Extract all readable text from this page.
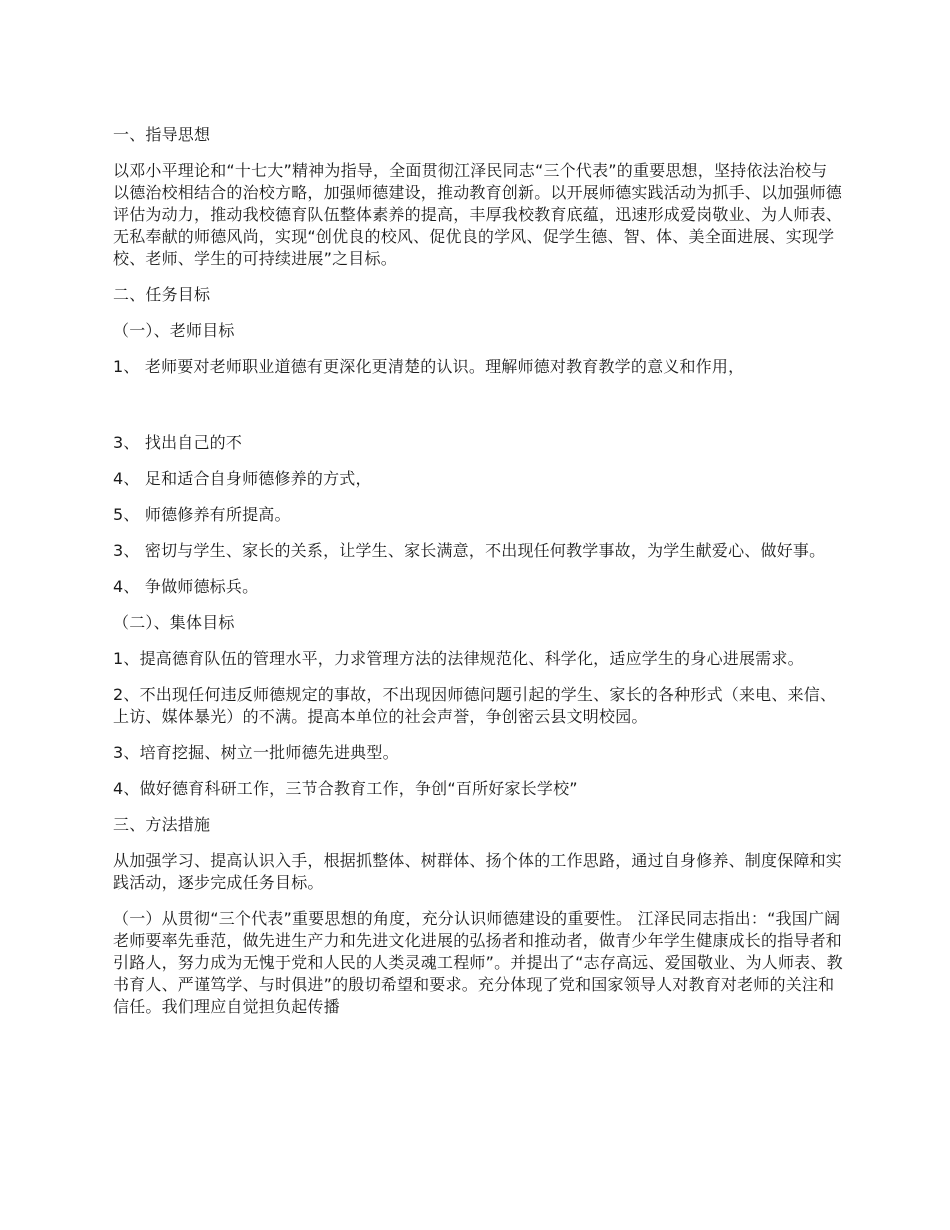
一、指导思想

以邓小平理论和“十七大”精神为指导，全面贯彻江泽民同志“三个代表”的重要思想，坚持依法治校与以德治校相结合的治校方略，加强师德建设，推动教育创新。以开展师德实践活动为抓手、以加强师德评估为动力，推动我校德育队伍整体素养的提高，丰厚我校教育底蕴，迅速形成爱岗敬业、为人师表、无私奉献的师德风尚，实现“创优良的校风、促优良的学风、促学生德、智、体、美全面进展、实现学校、老师、学生的可持续进展”之目标。

二、任务目标

（一）、老师目标

1、 老师要对老师职业道德有更深化更清楚的认识。理解师德对教育教学的意义和作用，

3、 找出自己的不

4、 足和适合自身师德修养的方式，

5、 师德修养有所提高。

3、 密切与学生、家长的关系，让学生、家长满意，不出现任何教学事故，为学生献爱心、做好事。

4、 争做师德标兵。

（二）、集体目标

1、提高德育队伍的管理水平，力求管理方法的法律规范化、科学化，适应学生的身心进展需求。

2、不出现任何违反师德规定的事故，不出现因师德问题引起的学生、家长的各种形式（来电、来信、上访、媒体暴光）的不满。提高本单位的社会声誉，争创密云县文明校园。

3、培育挖掘、树立一批师德先进典型。

4、做好德育科研工作，三节合教育工作，争创“百所好家长学校”

三、方法措施

从加强学习、提高认识入手，根据抓整体、树群体、扬个体的工作思路，通过自身修养、制度保障和实践活动，逐步完成任务目标。

（一）从贯彻“三个代表”重要思想的角度，充分认识师德建设的重要性。 江泽民同志指出：“我国广阔老师要率先垂范，做先进生产力和先进文化进展的弘扬者和推动者，做青少年学生健康成长的指导者和引路人，努力成为无愧于党和人民的人类灵魂工程师”。并提出了“志存高远、爱国敬业、为人师表、教书育人、严谨笃学、与时俱进”的殷切希望和要求。充分体现了党和国家领导人对教育对老师的关注和信任。我们理应自觉担负起传播
